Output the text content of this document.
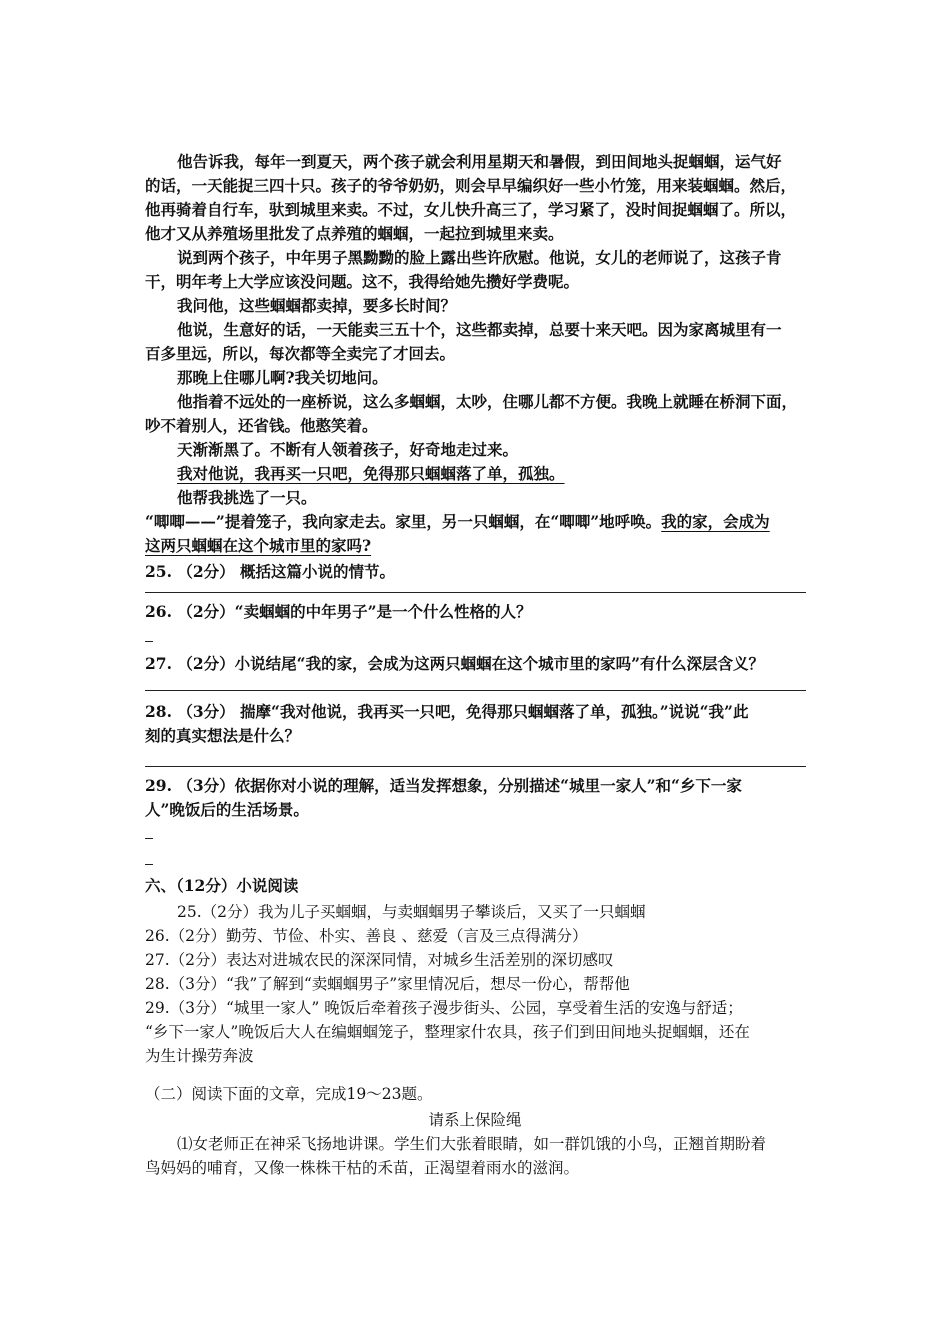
他告诉我，每年一到夏天，两个孩子就会利用星期天和暑假，到田间地头捉蝈蝈，运气好
的话，一天能捉三四十只。孩子的爷爷奶奶，则会早早编织好一些小竹笼，用来装蝈蝈。然后，
他再骑着自行车，驮到城里来卖。不过，女儿快升高三了，学习紧了，没时间捉蝈蝈了。所以，
他才又从养殖场里批发了点养殖的蝈蝈，一起拉到城里来卖。
说到两个孩子，中年男子黑黝黝的脸上露出些许欣慰。他说，女儿的老师说了，这孩子肯
干，明年考上大学应该没问题。这不，我得给她先攒好学费呢。
我问他，这些蝈蝈都卖掉，要多长时间？
他说，生意好的话，一天能卖三五十个，这些都卖掉，总要十来天吧。因为家离城里有一
百多里远，所以，每次都等全卖完了才回去。
那晚上住哪儿啊?我关切地问。
他指着不远处的一座桥说，这么多蝈蝈，太吵，住哪儿都不方便。我晚上就睡在桥洞下面，
吵不着别人，还省钱。他憨笑着。
天渐渐黑了。不断有人领着孩子，好奇地走过来。
我对他说，我再买一只吧，免得那只蝈蝈落了单，孤独。
他帮我挑选了一只。
“唧唧——”提着笼子，我向家走去。家里，另一只蝈蝈，在“唧唧”地呼唤。我的家，会成为
这两只蝈蝈在这个城市里的家吗?
25. （2分） 概括这篇小说的情节。
26. （2分）“卖蝈蝈的中年男子”是一个什么性格的人？
27. （2分）小说结尾“我的家，会成为这两只蝈蝈在这个城市里的家吗”有什么深层含义？
28. （3分） 揣摩“我对他说，我再买一只吧，免得那只蝈蝈落了单，孤独。”说说“我”此
刻的真实想法是什么？
29. （3分）依据你对小说的理解，适当发挥想象，分别描述“城里一家人”和“乡下一家
人”晚饭后的生活场景。
六、（12分）小说阅读
25.（2分）我为儿子买蝈蝈，与卖蝈蝈男子攀谈后，又买了一只蝈蝈
26.（2分）勤劳、节俭、朴实、善良 、慈爱（言及三点得满分）
27.（2分）表达对进城农民的深深同情，对城乡生活差别的深切感叹
28.（3分）“我”了解到“卖蝈蝈男子”家里情况后，想尽一份心，帮帮他
29.（3分）“城里一家人” 晚饭后牵着孩子漫步街头、公园，享受着生活的安逸与舒适；
“乡下一家人”晚饭后大人在编蝈蝈笼子，整理家什农具，孩子们到田间地头捉蝈蝈，还在
为生计操劳奔波
（二）阅读下面的文章，完成19～23题。
请系上保险绳
⑴女老师正在神采飞扬地讲课。学生们大张着眼睛，如一群饥饿的小鸟，正翘首期盼着
鸟妈妈的哺育，又像一株株干枯的禾苗，正渴望着雨水的滋润。
